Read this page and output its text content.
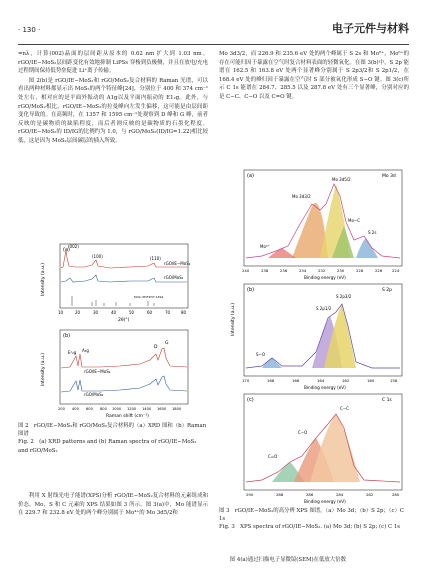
· 130 ·	电子元件与材料

=nλ，计算(002)晶面的层间距从原本的 0.62 nm 扩大到 1.03 nm。rGO/IE−MoS₂层间距变化有效地抑制 LiPSs 穿梭到负极侧，并且在放电/充电过程期间保持低势垒促进 Li⁺离子传输。

图 2(b)是 rGO/IE−MoS₂和 rGO/MoS₂复合材料的 Raman 光谱，可以看出两种材料都显示出 MoS₂的两个特征峰[24]，分别位于 400 和 374 cm⁻¹处左右，相对应的是平面外振动的 A1g以及平面内振动的 E1₂g。此外，与 rGO/MoS₂相比，rGO/IE−MoS₂的拉曼峰向左发生偏移，这可能是由层间距变化导致的。在高频时，在 1357 和 1595 cm⁻¹处观察到 D 峰和 G 峰，前者反映的是碳物质的缺陷程度，而后者则反映的是碳物质的石墨化程度。rGO/IE−MoS₂的 ID/IG的比例约为 1.0，与 rGO/MoS₂(ID/IG=1.22)相比较低，这是因为 MoS₂层间碳层的插入所致。

(a)
Intensity (a.u.)
(002)
(100)	(110)
rGO/IE−MoS₂
rGO/MoS₂
MoS₂ PDF#37-1492
10	20	30	40	50	60	70	80
2θ(°)
(b)
Intensity (a.u.)
E¹₂g A₁g
D
G
rGO/IE−MoS₂
rGO/MoS₂
200 400 600 800 1000 1200 1400 1600 1800
Raman shift (cm⁻¹)
图 2　rGO/IE−MoS₂和 rGO/MoS₂复合材料的（a）XRD 图和（b）Raman 图谱
Fig. 2　(a) XRD patterns and (b) Raman spectra of rGO/IE−MoS₂ and rGO/MoS₂

利用 X 射线光电子能谱(XPS)分析 rGO/IE−MoS₂复合材料的元素组成和价态，Mo、S 和 C 元素的 XPS 结果如图 3 所示。图 3(a)中，Mo 能谱显示在 229.7 和 232.8 eV 处的两个峰分别属于 Mo⁴⁺的 Mo 3d5/2和

Mo 3d3/2，而 226.9 和 235.6 eV 处的两个峰属于 S 2s 和 Mo⁶⁺，Mo⁶⁺的存在可能归因于暴露在空气时复合材料表面的轻微氧化。在图 3(b)中，S 2p 能谱在 162.5 和 163.8 eV 处两个显著峰分别属于 S 2p3/2和 S 2p1/2，在 168.4 eV 处的峰归因于暴露在空气时 S 部分被氧化形成 S−O 键。图 3(c)所示 C 1s 能谱在 284.7、285.5 以及 287.8 eV 处有三个显著峰，分别对应的是 C−C、C−O 以及 C=O 键。

Intensity (a.u.)
(a)	Mo 3d
Mo⁶⁺
Mo 3d3/2
Mo 3d5/2
Mo−C
S 2s
240	238	236	234	232	230	228	226	224
Binding energy (eV)
(b)	S 2p
S−O
S 2p1/2
S 2p3/2
170	168	166	164	162	160	158
Binding energy (eV)
(c)	C 1s
C=O
C−O
C−C
290	288	286	284	282	280
Binding energy (eV)
图 3　rGO/IE−MoS₂的高分辨 XPS 图谱，（a）Mo 3d；（b）S 2p；（c）C 1s
Fig. 3　XPS spectra of rGO/IE−MoS₂. (a) Mo 3d; (b) S 2p; (c) C 1s

图 4(a)通过扫描电子显微镜(SEM)在低放大倍数
